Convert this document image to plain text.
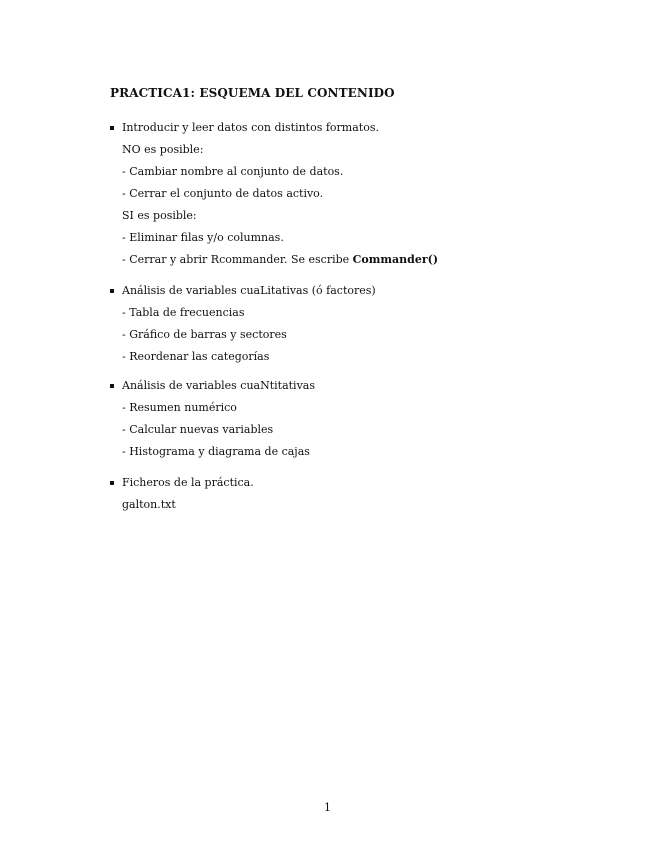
PRACTICA1: ESQUEMA DEL CONTENIDO
Introducir y leer datos con distintos formatos.
NO es posible:
- Cambiar nombre al conjunto de datos.
- Cerrar el conjunto de datos activo.
SI es posible:
- Eliminar filas y/o columnas.
- Cerrar y abrir Rcommander. Se escribe Commander()
Análisis de variables cuaLitativas (ó factores)
- Tabla de frecuencias
- Gráfico de barras y sectores
- Reordenar las categorías
Análisis de variables cuaNtitativas
- Resumen numérico
- Calcular nuevas variables
- Histograma y diagrama de cajas
Ficheros de la práctica.
galton.txt
1
